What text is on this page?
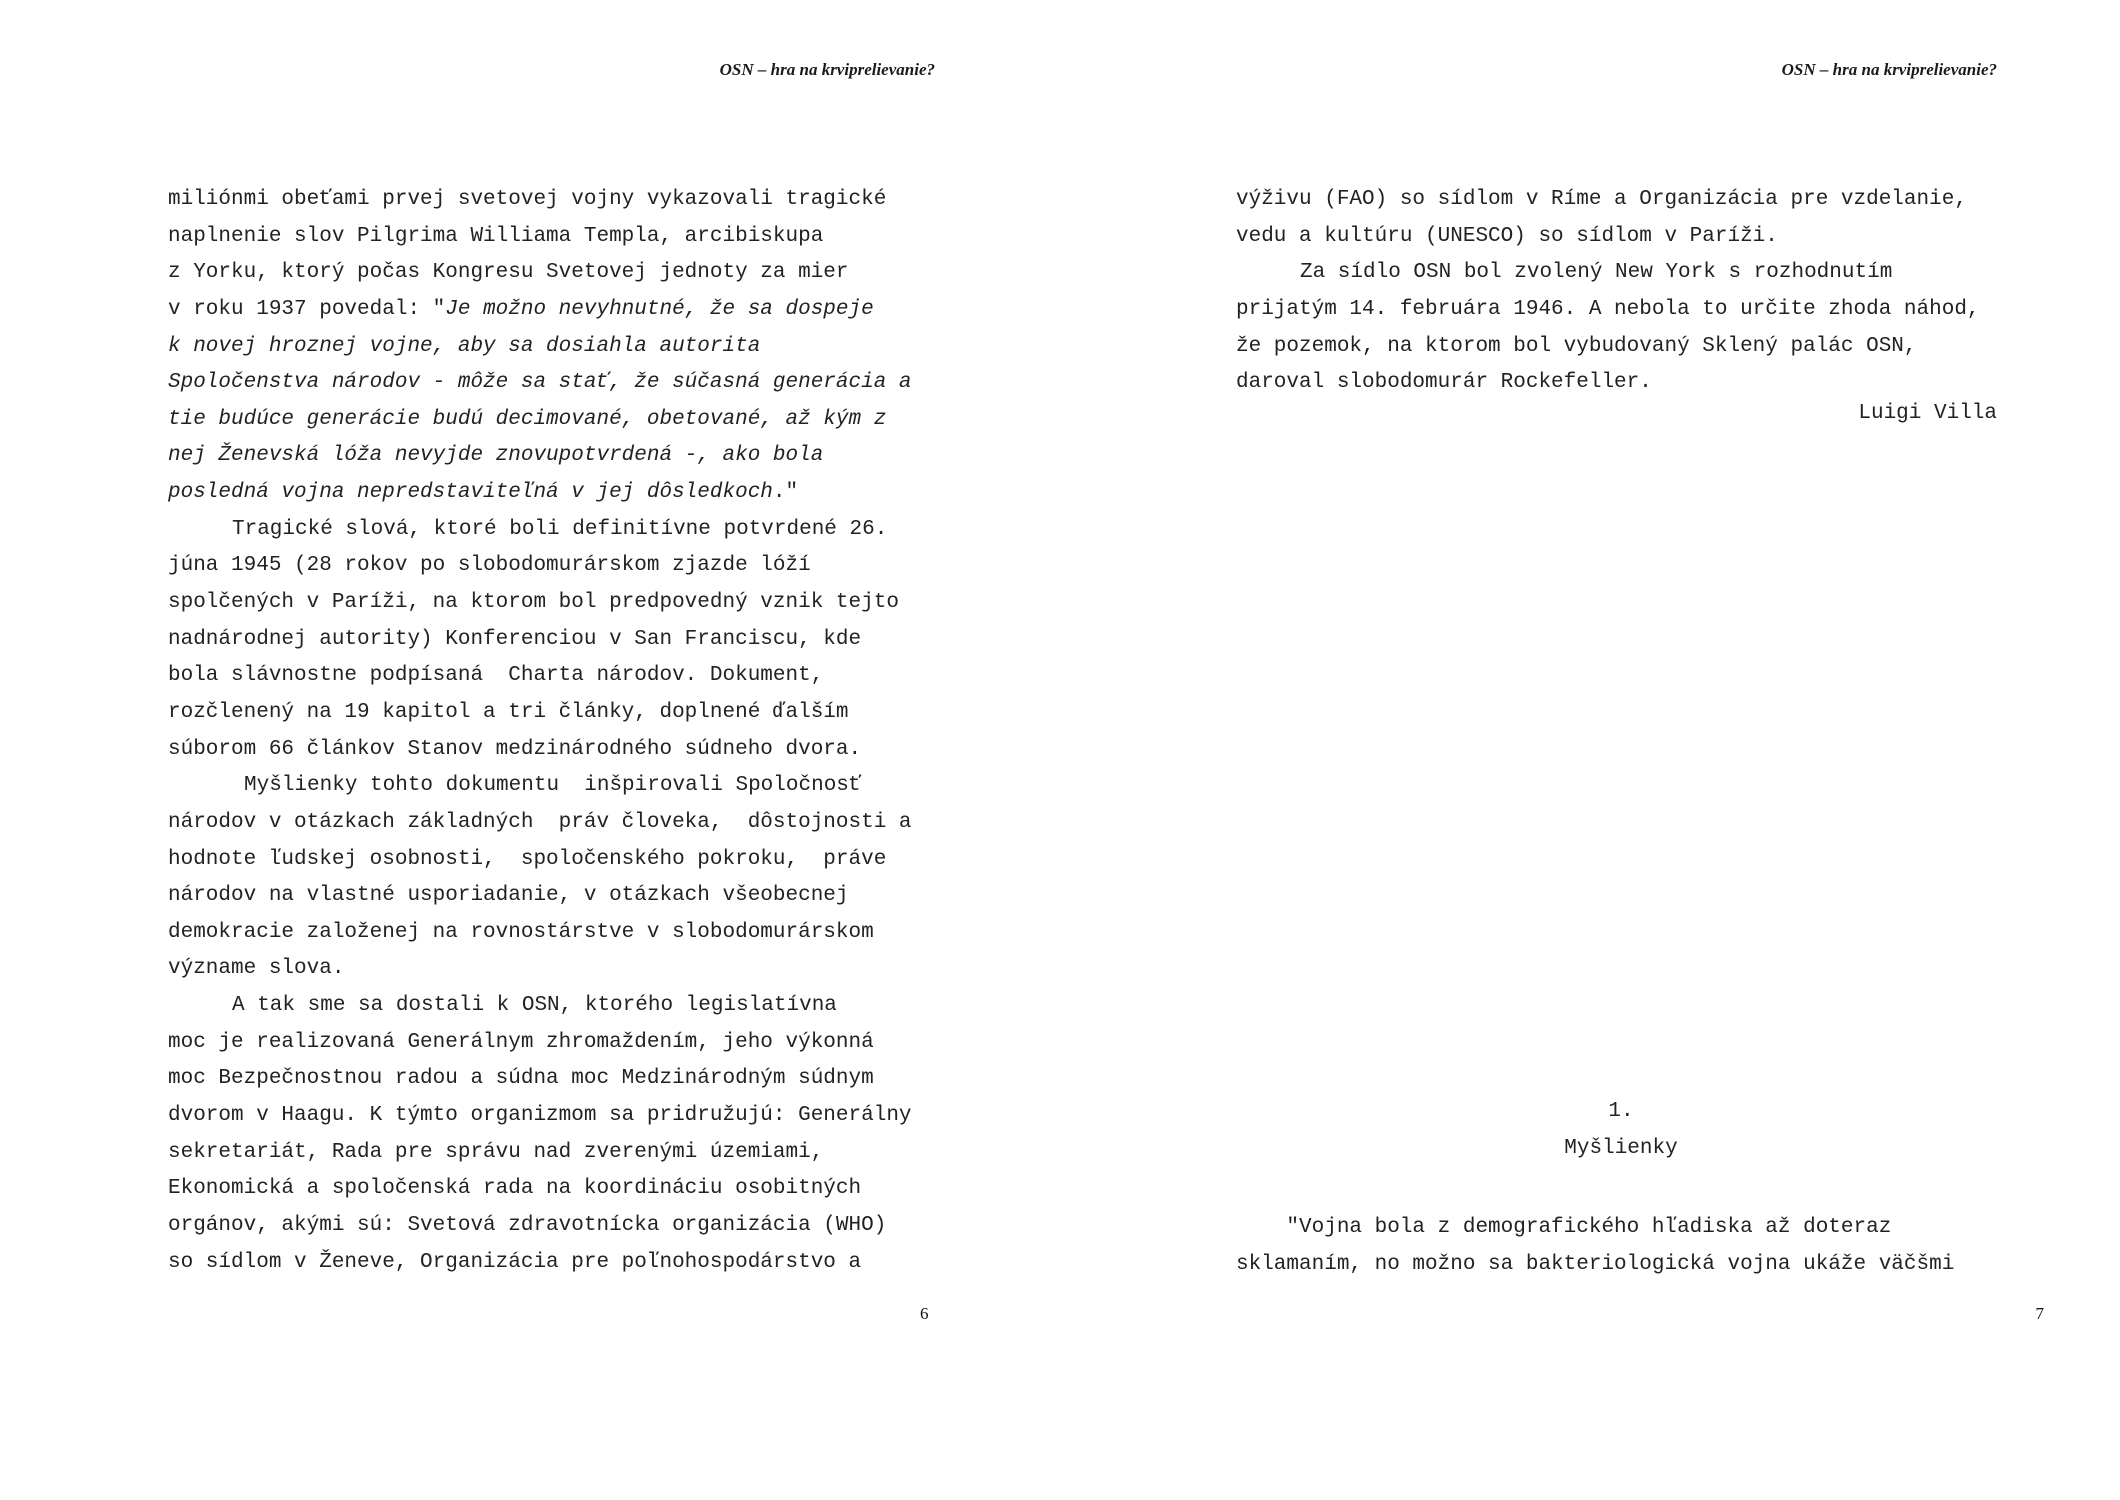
OSN – hra na krviprelievanie?
miliónmi obeťami prvej svetovej vojny vykazovali tragické
naplnenie slov Pilgrima Williama Templa, arcibiskupa
z Yorku, ktorý počas Kongresu Svetovej jednoty za mier
v roku 1937 povedal: "Je možno nevyhnutné, že sa dospeje
k novej hroznej vojne, aby sa dosiahla autorita
Spoločenstva národov - môže sa stať, že súčasná generácia a
tie budúce generácie budú decimované, obetované, až kým z
nej Ženevská lóža nevyjde znovupotvrdená -, ako bola
posledná vojna nepredstaviteľná v jej dôsledkoch."
Tragické slová, ktoré boli definitívne potvrdené 26.
júna 1945 (28 rokov po slobodomurárskom zjazde lóží
spolčených v Paríži, na ktorom bol predpovedný vznik tejto
nadnárodnej autority) Konferenciou v San Franciscu, kde
bola slávnostne podpísaná  Charta národov. Dokument,
rozčlenený na 19 kapitol a tri články, doplnené ďalším
súborom 66 článkov Stanov medzinárodného súdneho dvora.
Myšlienky tohto dokumentu  inšpirovali Spoločnosť
národov v otázkach základných  práv človeka,  dôstojnosti a
hodnote ľudskej osobnosti,  spoločenského pokroku,  práve
národov na vlastné usporiadanie, v otázkach všeobecnej
demokracie založenej na rovnostárstve v slobodomurárskom
význame slova.
A tak sme sa dostali k OSN, ktorého legislatívna
moc je realizovaná Generálnym zhromaždením, jeho výkonná
moc Bezpečnostnou radou a súdna moc Medzinárodným súdnym
dvorom v Haagu. K týmto organizmom sa pridružujú: Generálny
sekretariát, Rada pre správu nad zverenými územiami,
Ekonomická a spoločenská rada na koordináciu osobitných
orgánov, akými sú: Svetová zdravotnícka organizácia (WHO)
so sídlom v Ženeve, Organizácia pre poľnohospodárstvo a
6
OSN – hra na krviprelievanie?
výživu (FAO) so sídlom v Ríme a Organizácia pre vzdelanie,
vedu a kultúru (UNESCO) so sídlom v Paríži.
Za sídlo OSN bol zvolený New York s rozhodnutím
prijatým 14. februára 1946. A nebola to určite zhoda náhod,
že pozemok, na ktorom bol vybudovaný Sklený palác OSN,
daroval slobodomurár Rockefeller.
Luigi Villa
1.
Myšlienky
"Vojna bola z demografického hľadiska až doteraz
sklamaním, no možno sa bakteriologická vojna ukáže väčšmi
7
